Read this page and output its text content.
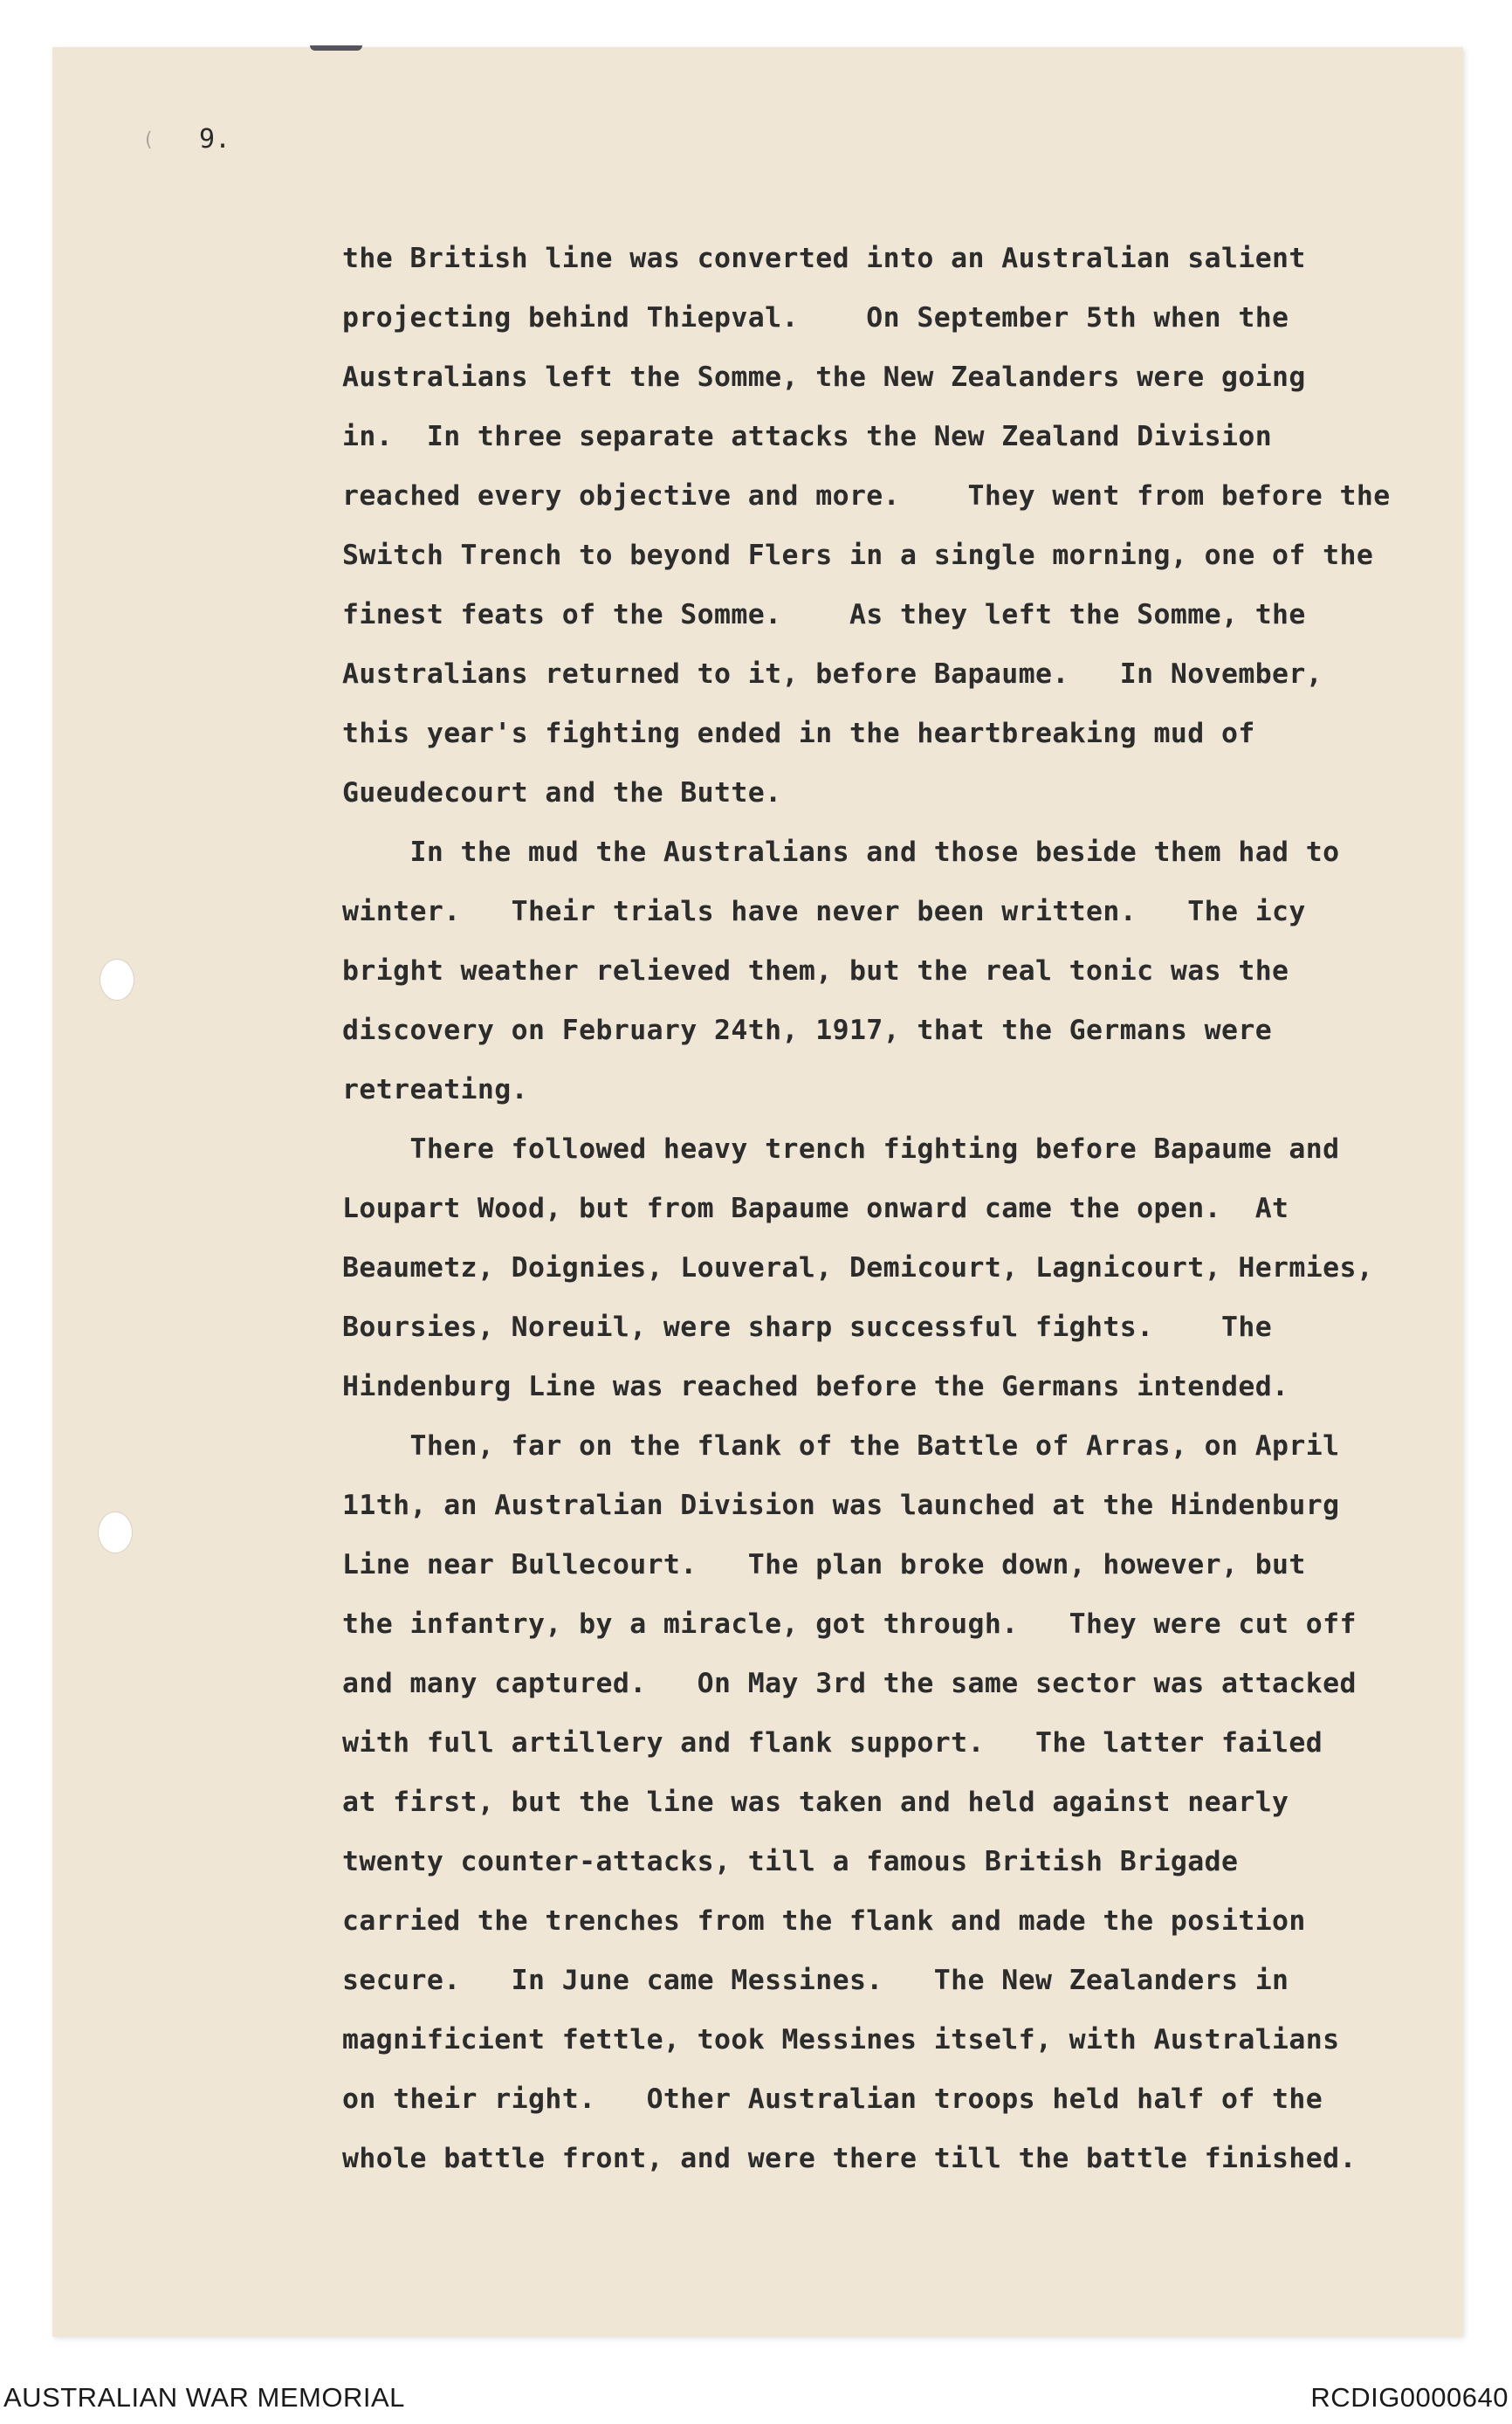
( 9.
the British line was converted into an Australian salient
projecting behind Thiepval.    On September 5th when the
Australians left the Somme, the New Zealanders were going
in.  In three separate attacks the New Zealand Division
reached every objective and more.    They went from before the
Switch Trench to beyond Flers in a single morning, one of the
finest feats of the Somme.    As they left the Somme, the
Australians returned to it, before Bapaume.   In November,
this year's fighting ended in the heartbreaking mud of
Gueudecourt and the Butte.
In the mud the Australians and those beside them had to
winter.   Their trials have never been written.   The icy
bright weather relieved them, but the real tonic was the
discovery on February 24th, 1917, that the Germans were
retreating.
There followed heavy trench fighting before Bapaume and
Loupart Wood, but from Bapaume onward came the open.  At
Beaumetz, Doignies, Louveral, Demicourt, Lagnicourt, Hermies,
Boursies, Noreuil, were sharp successful fights.    The
Hindenburg Line was reached before the Germans intended.
Then, far on the flank of the Battle of Arras, on April
11th, an Australian Division was launched at the Hindenburg
Line near Bullecourt.   The plan broke down, however, but
the infantry, by a miracle, got through.   They were cut off
and many captured.   On May 3rd the same sector was attacked
with full artillery and flank support.   The latter failed
at first, but the line was taken and held against nearly
twenty counter-attacks, till a famous British Brigade
carried the trenches from the flank and made the position
secure.   In June came Messines.   The New Zealanders in
magnificient fettle, took Messines itself, with Australians
on their right.   Other Australian troops held half of the
whole battle front, and were there till the battle finished.
AUSTRALIAN WAR MEMORIAL	RCDIG0000640
